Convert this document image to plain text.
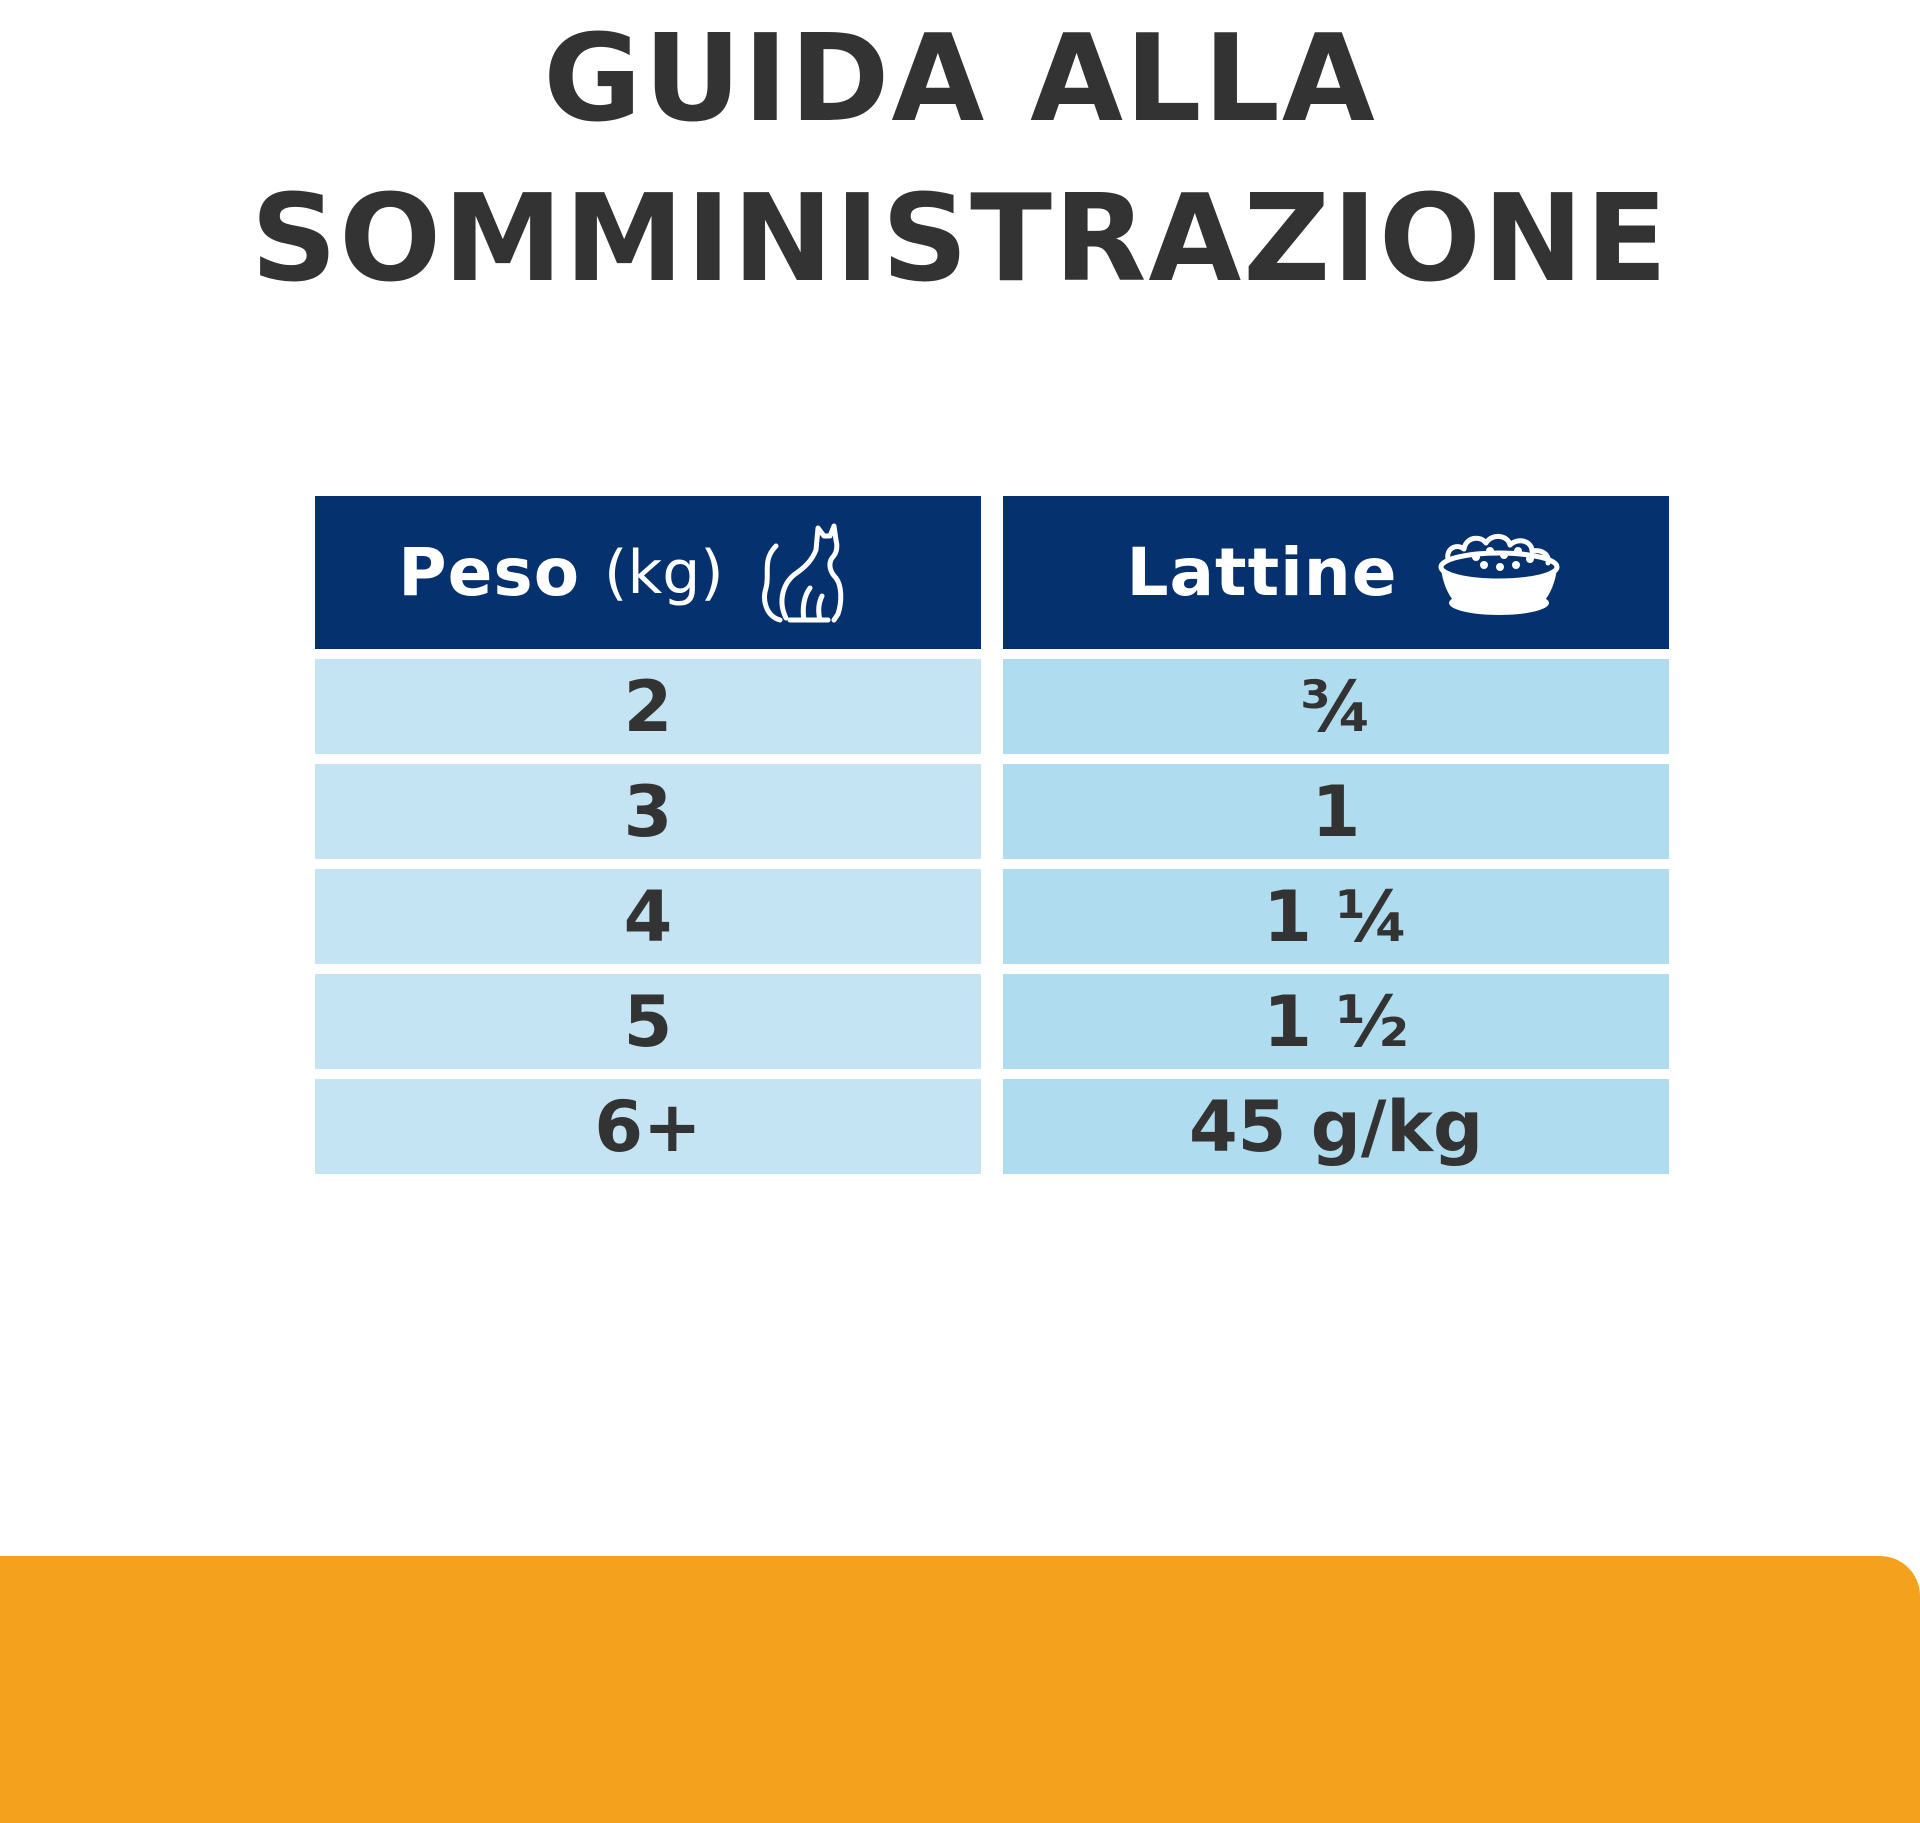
GUIDA ALLA
SOMMINISTRAZIONE
Peso (kg)	Lattine
2	¾
3	1
4	1 ¼
5	1 ½
6+	45 g/kg
